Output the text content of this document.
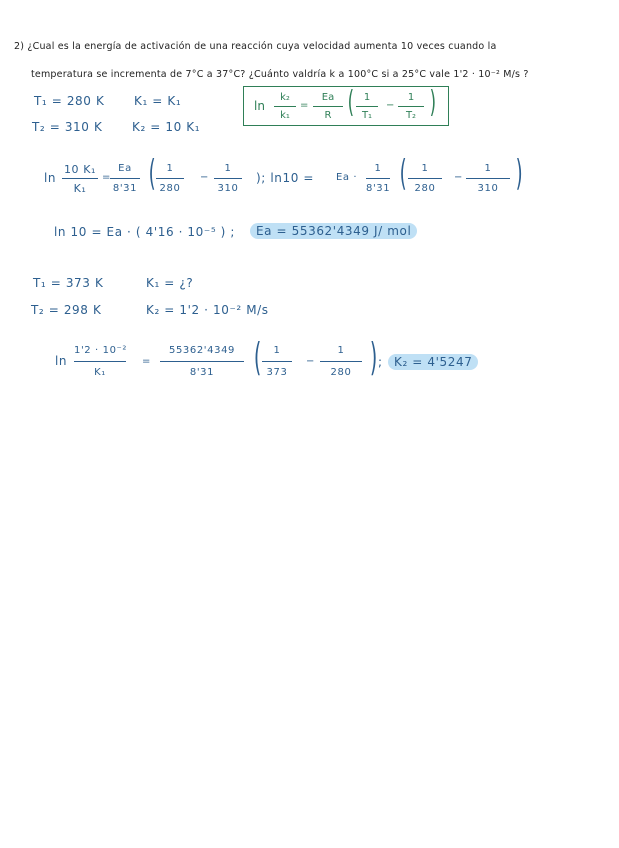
2) ¿Cual es la energía de activación de una reacción cuya velocidad aumenta 10 veces cuando la
temperatura se incrementa de 7°C a 37°C? ¿Cuánto valdría k a 100°C si a 25°C vale 1'2 · 10⁻² M/s ?
T₁ = 280 K K₁ = K₁
T₂ = 310 K K₂ = 10 K₁
ln
k₂
k₁
=
Ea
R ( 1
T₁
−
1
T₂ )
ln
10 K₁
K₁
=
Ea
8'31 (	1
280
−
1
310
); ln10 = Ea ·
1
8'31 (	1
280
−
1
310 )
ln 10 = Ea · ( 4'16 · 10⁻⁵ ) ;	Ea = 55362'4349 J/ mol
T₁ = 373 K	K₁ = ¿?
T₂ = 298 K	K₂ = 1'2 · 10⁻² M/s
ln
1'2 · 10⁻²
K₁
=
55362'4349
8'31	(	1
373
−
1
280 ) ; K₂ = 4'5247
